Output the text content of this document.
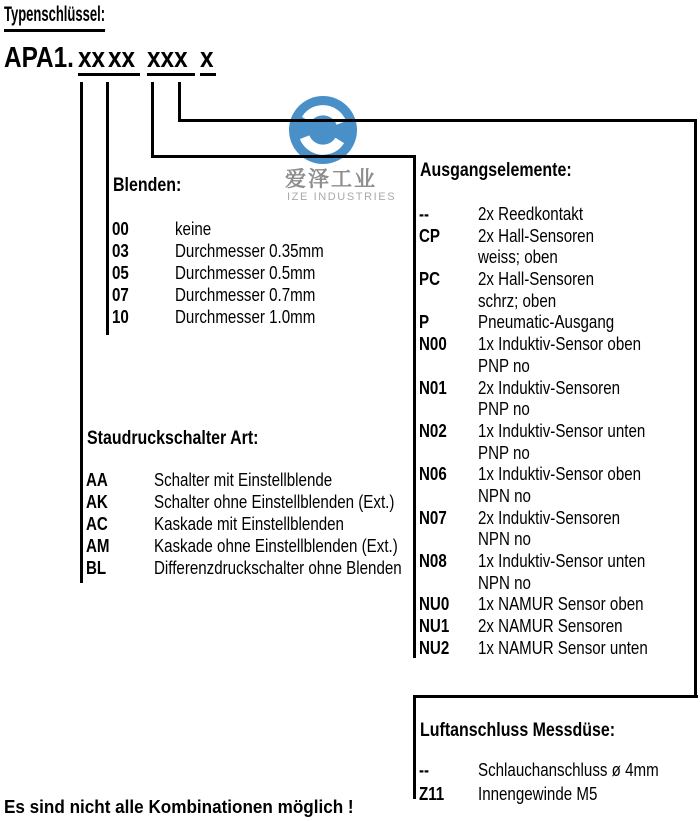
爱泽工业
IZE INDUSTRIES
Typenschlüssel:
APA1. xx xx xxx x
Blenden:
00	keine
03	Durchmesser 0.35mm
05	Durchmesser 0.5mm
07	Durchmesser 0.7mm
10	Durchmesser 1.0mm
Staudruckschalter Art:
AA	Schalter mit Einstellblende
AK	Schalter ohne Einstellblenden (Ext.)
AC	Kaskade mit Einstellblenden
AM Kaskade ohne Einstellblenden (Ext.)
BL	Differenzdruckschalter ohne Blenden
Ausgangselemente:
--	2x Reedkontakt
CP 2x Hall-Sensoren
weiss; oben
PC 2x Hall-Sensoren
schrz; oben
P	Pneumatic-Ausgang
N00 1x Induktiv-Sensor oben
PNP no
N01 2x Induktiv-Sensoren
PNP no
N02 1x Induktiv-Sensor unten
PNP no
N06 1x Induktiv-Sensor oben
NPN no
N07 2x Induktiv-Sensoren
NPN no
N08 1x Induktiv-Sensor unten
NPN no
NU0 1x NAMUR Sensor oben
NU1 2x NAMUR Sensoren
NU2 1x NAMUR Sensor unten
Luftanschluss Messdüse:
--	Schlauchanschluss ø 4mm
Z11 Innengewinde M5
Es sind nicht alle Kombinationen möglich !
